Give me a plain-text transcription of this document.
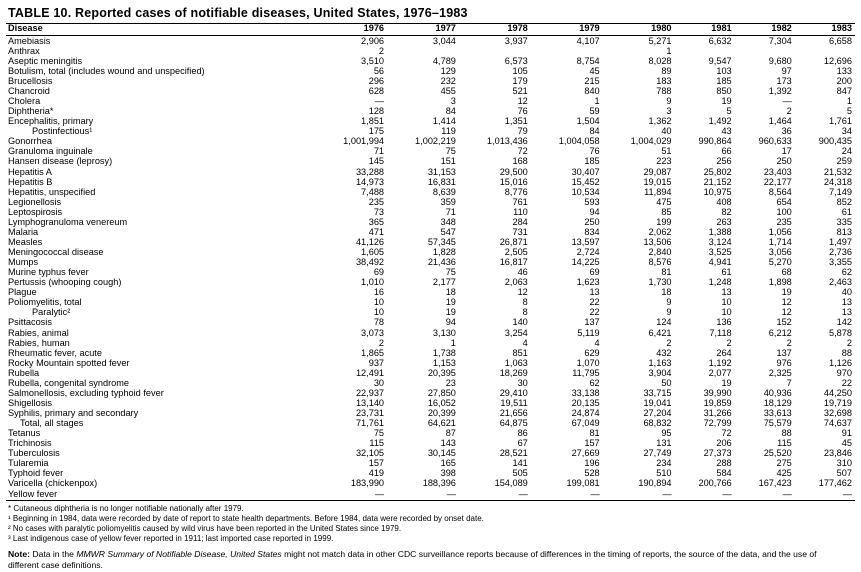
TABLE 10. Reported cases of notifiable diseases, United States, 1976–1983
Disease	1976	1977	1978	1979	1980	1981	1982	1983
Amebiasis	2,906	3,044	3,937	4,107	5,271	6,632	7,304	6,658
Anthrax	2				1			
Aseptic meningitis	3,510	4,789	6,573	8,754	8,028	9,547	9,680	12,696
Botulism, total (includes wound and unspecified)	56	129	105	45	89	103	97	133
Brucellosis	296	232	179	215	183	185	173	200
Chancroid	628	455	521	840	788	850	1,392	847
Cholera	—	3	12	1	9	19	—	1
Diphtheria*	128	84	76	59	3	5	2	5
Encephalitis, primary	1,851	1,414	1,351	1,504	1,362	1,492	1,464	1,761
Postinfectious¹	175	119	79	84	40	43	36	34
Gonorrhea	1,001,994	1,002,219	1,013,436	1,004,058	1,004,029	990,864	960,633	900,435
Granuloma inguinale	71	75	72	76	51	66	17	24
Hansen disease (leprosy)	145	151	168	185	223	256	250	259
Hepatitis A	33,288	31,153	29,500	30,407	29,087	25,802	23,403	21,532
Hepatitis B	14,973	16,831	15,016	15,452	19,015	21,152	22,177	24,318
Hepatitis, unspecified	7,488	8,639	8,776	10,534	11,894	10,975	8,564	7,149
Legionellosis	235	359	761	593	475	408	654	852
Leptospirosis	73	71	110	94	85	82	100	61
Lymphogranuloma venereum	365	348	284	250	199	263	235	335
Malaria	471	547	731	834	2,062	1,388	1,056	813
Measles	41,126	57,345	26,871	13,597	13,506	3,124	1,714	1,497
Meningococcal disease	1,605	1,828	2,505	2,724	2,840	3,525	3,056	2,736
Mumps	38,492	21,436	16,817	14,225	8,576	4,941	5,270	3,355
Murine typhus fever	69	75	46	69	81	61	68	62
Pertussis (whooping cough)	1,010	2,177	2,063	1,623	1,730	1,248	1,898	2,463
Plague	16	18	12	13	18	13	19	40
Poliomyelitis, total	10	19	8	22	9	10	12	13
Paralytic²	10	19	8	22	9	10	12	13
Psittacosis	78	94	140	137	124	136	152	142
Rabies, animal	3,073	3,130	3,254	5,119	6,421	7,118	6,212	5,878
Rabies, human	2	1	4	4	2	2	2	2
Rheumatic fever, acute	1,865	1,738	851	629	432	264	137	88
Rocky Mountain spotted fever	937	1,153	1,063	1,070	1,163	1,192	976	1,126
Rubella	12,491	20,395	18,269	11,795	3,904	2,077	2,325	970
Rubella, congenital syndrome	30	23	30	62	50	19	7	22
Salmonellosis, excluding typhoid fever	22,937	27,850	29,410	33,138	33,715	39,990	40,936	44,250
Shigellosis	13,140	16,052	19,511	20,135	19,041	19,859	18,129	19,719
Syphilis, primary and secondary	23,731	20,399	21,656	24,874	27,204	31,266	33,613	32,698
Total, all stages	71,761	64,621	64,875	67,049	68,832	72,799	75,579	74,637
Tetanus	75	87	86	81	95	72	88	91
Trichinosis	115	143	67	157	131	206	115	45
Tuberculosis	32,105	30,145	28,521	27,669	27,749	27,373	25,520	23,846
Tularemia	157	165	141	196	234	288	275	310
Typhoid fever	419	398	505	528	510	584	425	507
Varicella (chickenpox)	183,990	188,396	154,089	199,081	190,894	200,766	167,423	177,462
Yellow fever	—	—	—	—	—	—	—	—
* Cutaneous diphtheria is no longer notifiable nationally after 1979.
¹ Beginning in 1984, data were recorded by date of report to state health departments. Before 1984, data were recorded by onset date.
² No cases with paralytic poliomyelitis caused by wild virus have been reported in the United States since 1979.
³ Last indigenous case of yellow fever reported in 1911; last imported case reported in 1999.
Note: Data in the MMWR Summary of Notifiable Disease, United States might not match data in other CDC surveillance reports because of differences in the timing of reports, the source of the data, and the use of different case definitions.
